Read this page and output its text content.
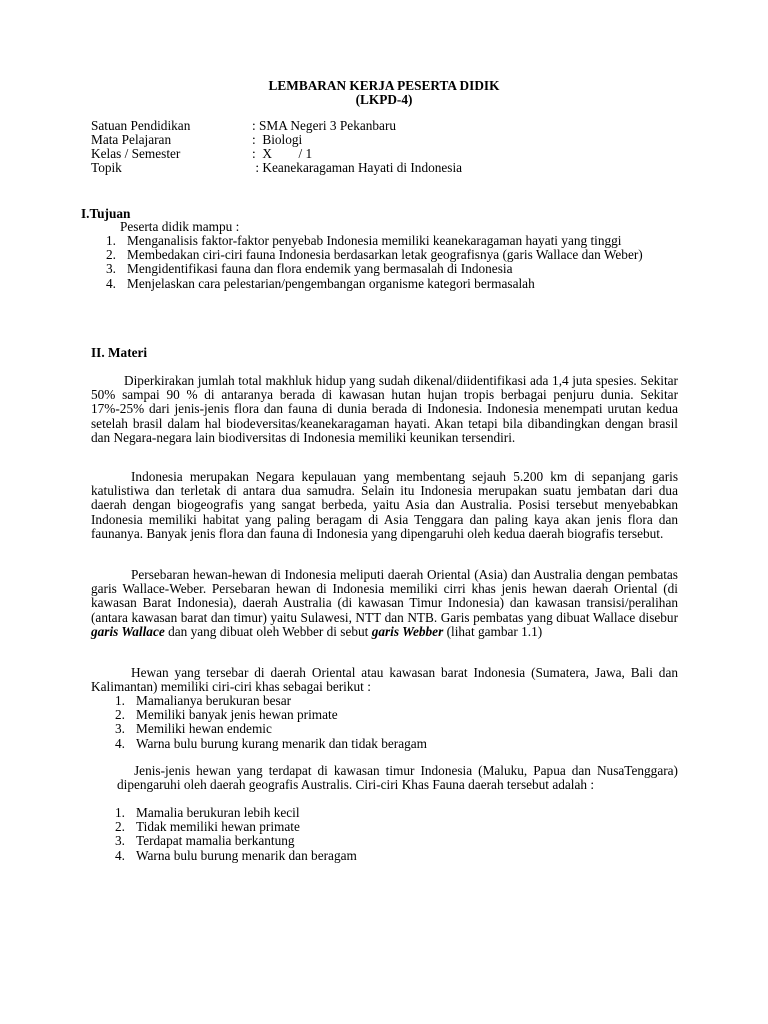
LEMBARAN KERJA PESERTA DIDIK
(LKPD-4)
Satuan Pendidikan	: SMA Negeri 3 Pekanbaru
Mata Pelajaran	:  Biologi
Kelas / Semester	:  X        / 1
Topik	: Keanekaragaman Hayati di Indonesia
I.Tujuan
Peserta didik mampu :
1. Menganalisis faktor-faktor penyebab Indonesia memiliki keanekaragaman hayati yang tinggi
2. Membedakan ciri-ciri fauna Indonesia berdasarkan letak geografisnya (garis Wallace dan Weber)
3. Mengidentifikasi fauna dan flora endemik yang bermasalah di Indonesia
4. Menjelaskan cara pelestarian/pengembangan organisme kategori bermasalah
II. Materi

Diperkirakan jumlah total makhluk hidup yang sudah dikenal/diidentifikasi ada 1,4 juta spesies. Sekitar 50% sampai 90 % di antaranya berada di kawasan hutan hujan tropis berbagai penjuru dunia. Sekitar 17%-25% dari jenis-jenis flora dan fauna di dunia berada di Indonesia. Indonesia menempati urutan kedua setelah brasil dalam hal biodeversitas/keanekaragaman hayati. Akan tetapi bila dibandingkan dengan brasil dan Negara-negara lain biodiversitas di Indonesia memiliki keunikan tersendiri.

Indonesia merupakan Negara kepulauan yang membentang sejauh 5.200 km di sepanjang garis katulistiwa dan terletak di antara dua samudra. Selain itu Indonesia merupakan suatu jembatan dari dua daerah dengan biogeografis yang sangat berbeda, yaitu Asia dan Australia. Posisi tersebut menyebabkan Indonesia memiliki habitat yang paling beragam di Asia Tenggara dan paling kaya akan jenis flora dan faunanya. Banyak jenis flora dan fauna di Indonesia yang dipengaruhi oleh kedua daerah biografis tersebut.

Persebaran hewan-hewan di Indonesia meliputi daerah Oriental (Asia) dan Australia dengan pembatas garis Wallace-Weber. Persebaran hewan di Indonesia memiliki cirri khas jenis hewan daerah Oriental (di kawasan Barat Indonesia), daerah Australia (di kawasan Timur Indonesia) dan kawasan transisi/peralihan (antara kawasan barat dan timur) yaitu Sulawesi, NTT dan NTB. Garis pembatas yang dibuat Wallace disebur garis Wallace dan yang dibuat oleh Webber di sebut garis Webber (lihat gambar 1.1)

Hewan yang tersebar di daerah Oriental atau kawasan barat Indonesia (Sumatera, Jawa, Bali dan Kalimantan) memiliki ciri-ciri khas sebagai berikut :

1. Mamalianya berukuran besar
2. Memiliki banyak jenis hewan primate
3. Memiliki hewan endemic
4. Warna bulu burung kurang menarik dan tidak beragam

Jenis-jenis hewan yang terdapat di kawasan timur Indonesia (Maluku, Papua dan NusaTenggara) dipengaruhi oleh daerah geografis Australis. Ciri-ciri Khas Fauna daerah tersebut adalah :

1. Mamalia berukuran lebih kecil
2. Tidak memiliki hewan primate
3. Terdapat mamalia berkantung
4. Warna bulu burung menarik dan beragam
